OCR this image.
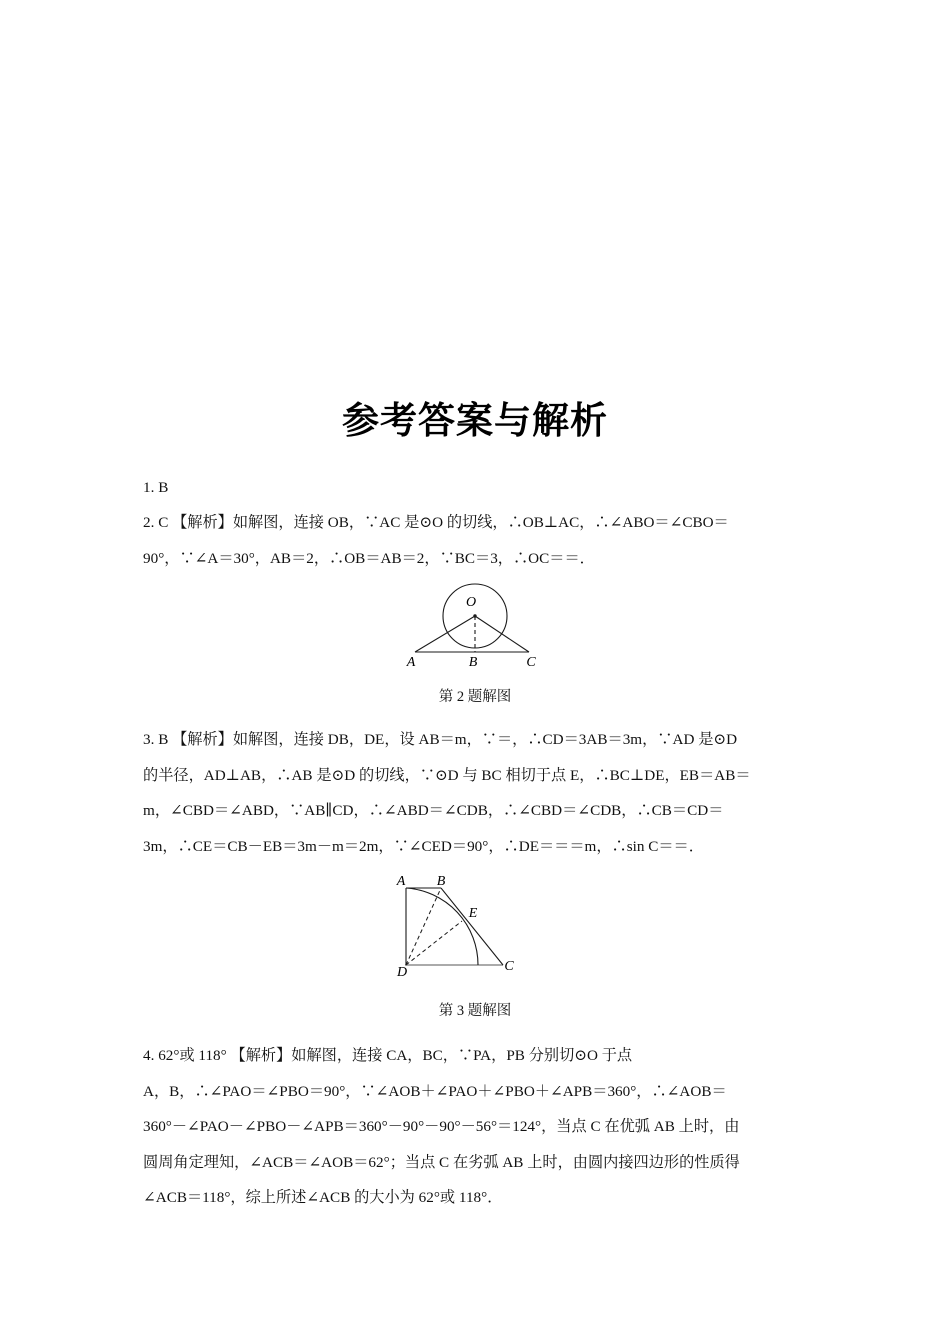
参考答案与解析

1. B

2. C 【解析】如解图，连接 OB，∵AC 是⊙O 的切线，∴OB⊥AC，∴∠ABO＝∠CBO＝

90°，∵∠A＝30°，AB＝2，∴OB＝AB＝2，∵BC＝3，∴OC＝＝．

O
A	B	C
第 2 题解图

3. B 【解析】如解图，连接 DB，DE，设 AB＝m，∵＝，∴CD＝3AB＝3m，∵AD 是⊙D

的半径，AD⊥AB，∴AB 是⊙D 的切线，∵⊙D 与 BC 相切于点 E，∴BC⊥DE，EB＝AB＝

m，∠CBD＝∠ABD，∵AB∥CD，∴∠ABD＝∠CDB，∴∠CBD＝∠CDB，∴CB＝CD＝

3m，∴CE＝CB－EB＝3m－m＝2m，∵∠CED＝90°，∴DE＝＝＝m，∴sin C＝＝．

A B
E
C
D
第 3 题解图

4. 62°或 118° 【解析】如解图，连接 CA，BC，∵PA，PB 分别切⊙O 于点

A，B，∴∠PAO＝∠PBO＝90°，∵∠AOB＋∠PAO＋∠PBO＋∠APB＝360°，∴∠AOB＝

360°－∠PAO－∠PBO－∠APB＝360°－90°－90°－56°＝124°，当点 C 在优弧 AB 上时，由

圆周角定理知，∠ACB＝∠AOB＝62°；当点 C 在劣弧 AB 上时，由圆内接四边形的性质得

∠ACB＝118°，综上所述∠ACB 的大小为 62°或 118°．
